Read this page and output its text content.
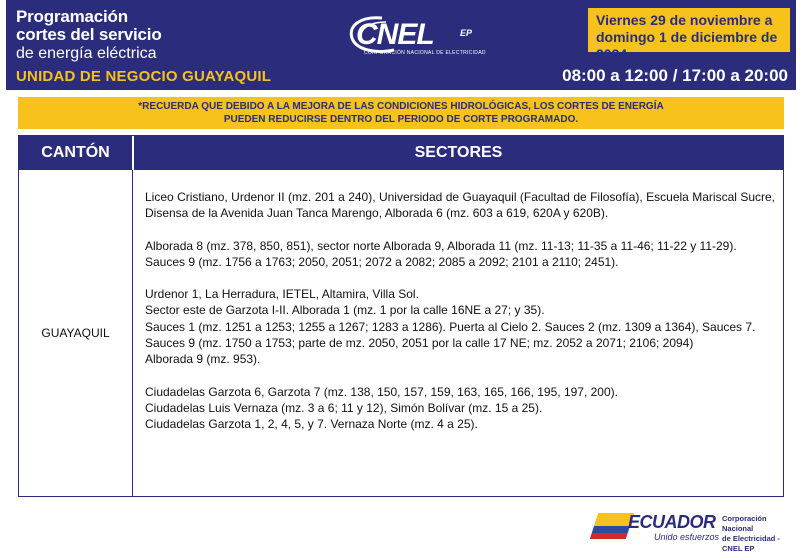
Programación
cortes del servicio
de energía eléctrica
UNIDAD DE NEGOCIO GUAYAQUIL
CNEL	EP
CORPORACIÓN NACIONAL DE ELECTRICIDAD
Viernes 29 de noviembre a
domingo 1 de diciembre de 2024
08:00 a 12:00 / 17:00 a 20:00
*RECUERDA QUE DEBIDO A LA MEJORA DE LAS CONDICIONES HIDROLÓGICAS, LOS CORTES DE ENERGÍA
PUEDEN REDUCIRSE DENTRO DEL PERIODO DE CORTE PROGRAMADO.
CANTÓN	SECTORES
GUAYAQUIL

Liceo Cristiano, Urdenor II (mz. 201 a 240), Universidad de Guayaquil (Facultad de Filosofía), Escuela Mariscal Sucre, Disensa de la Avenida Juan Tanca Marengo, Alborada 6 (mz. 603 a 619, 620A y 620B).

Alborada 8 (mz. 378, 850, 851), sector norte Alborada 9, Alborada 11 (mz. 11-13; 11-35 a 11-46; 11-22 y 11-29).

Sauces 9 (mz. 1756 a 1763; 2050, 2051; 2072 a 2082; 2085 a 2092; 2101 a 2110; 2451).

Urdenor 1, La Herradura, IETEL, Altamira, Villa Sol.

Sector este de Garzota I-II. Alborada 1 (mz. 1 por la calle 16NE a 27; y 35).

Sauces 1 (mz. 1251 a 1253; 1255 a 1267; 1283 a 1286). Puerta al Cielo 2. Sauces 2 (mz. 1309 a 1364), Sauces 7.

Sauces 9 (mz. 1750 a 1753; parte de mz. 2050, 2051 por la calle 17 NE; mz. 2052 a 2071; 2106; 2094)

Alborada 9 (mz. 953).

Ciudadelas Garzota 6, Garzota 7 (mz. 138, 150, 157, 159, 163, 165, 166, 195, 197, 200).

Ciudadelas Luis Vernaza (mz. 3 a 6; 11 y 12), Simón Bolívar (mz. 15 a 25).

Ciudadelas Garzota 1, 2, 4, 5, y 7. Vernaza Norte (mz. 4 a 25).

ECUADOR
Unido esfuerzos
Corporación Nacional
de Electricidad - CNEL EP
